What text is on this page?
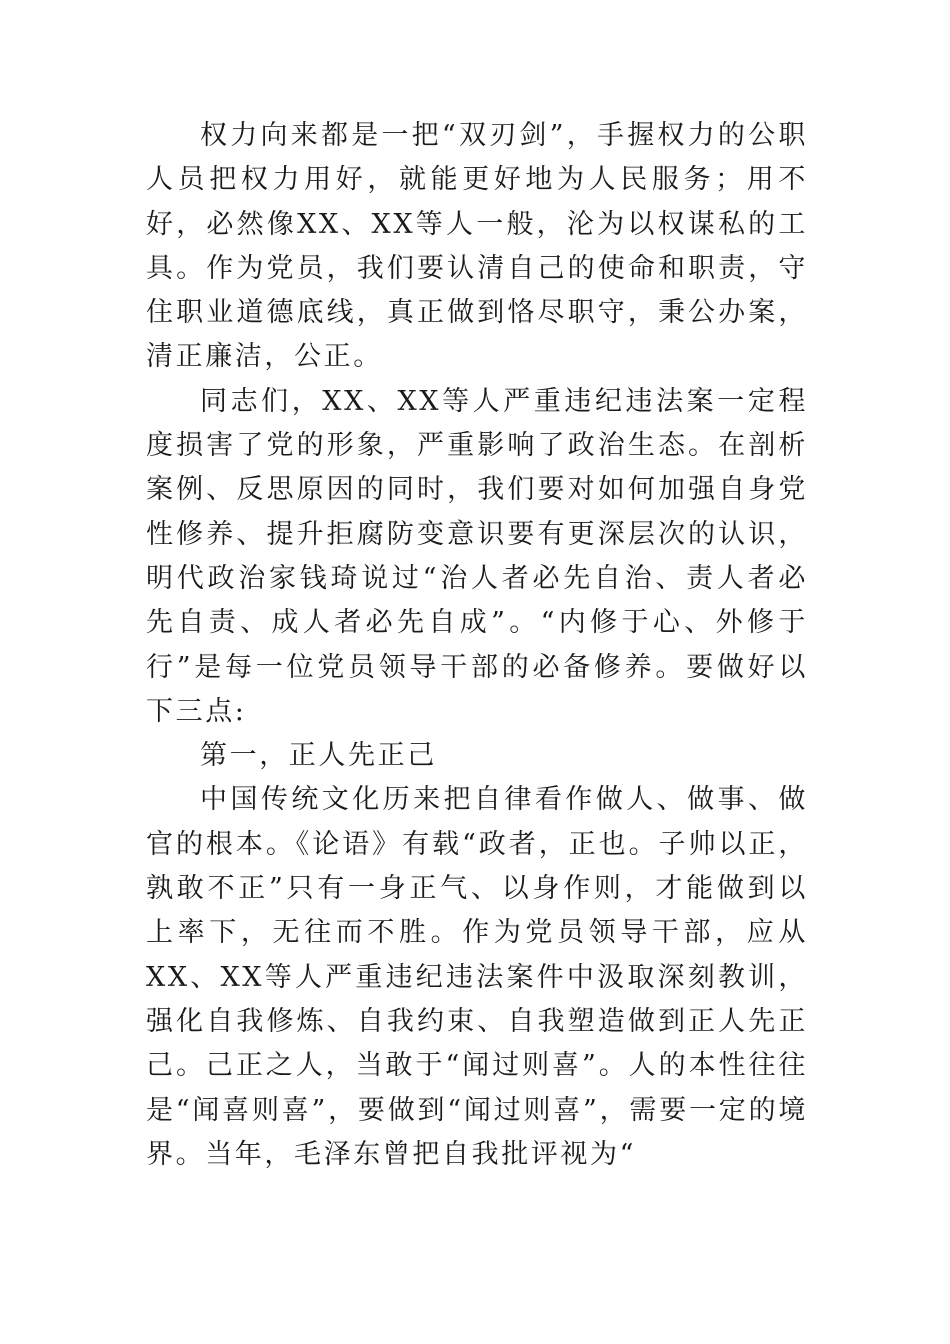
权力向来都是一把“双刃剑”，手握权力的公职人员把权力用好，就能更好地为人民服务；用不好，必然像XX、XX等人一般，沦为以权谋私的工具。作为党员，我们要认清自己的使命和职责，守住职业道德底线，真正做到恪尽职守，秉公办案，清正廉洁，公正。

同志们，XX、XX等人严重违纪违法案一定程度损害了党的形象，严重影响了政治生态。在剖析案例、反思原因的同时，我们要对如何加强自身党性修养、提升拒腐防变意识要有更深层次的认识，明代政治家钱琦说过“治人者必先自治、责人者必先自责、成人者必先自成”。“内修于心、外修于行”是每一位党员领导干部的必备修养。要做好以下三点:

第一，正人先正己

中国传统文化历来把自律看作做人、做事、做官的根本。《论语》有载“政者，正也。子帅以正，孰敢不正”只有一身正气、以身作则，才能做到以上率下，无往而不胜。作为党员领导干部，应从XX、XX等人严重违纪违法案件中汲取深刻教训，强化自我修炼、自我约束、自我塑造做到正人先正己。己正之人，当敢于“闻过则喜”。人的本性往往是“闻喜则喜”，要做到“闻过则喜”，需要一定的境界。当年，毛泽东曾把自我批评视为“
